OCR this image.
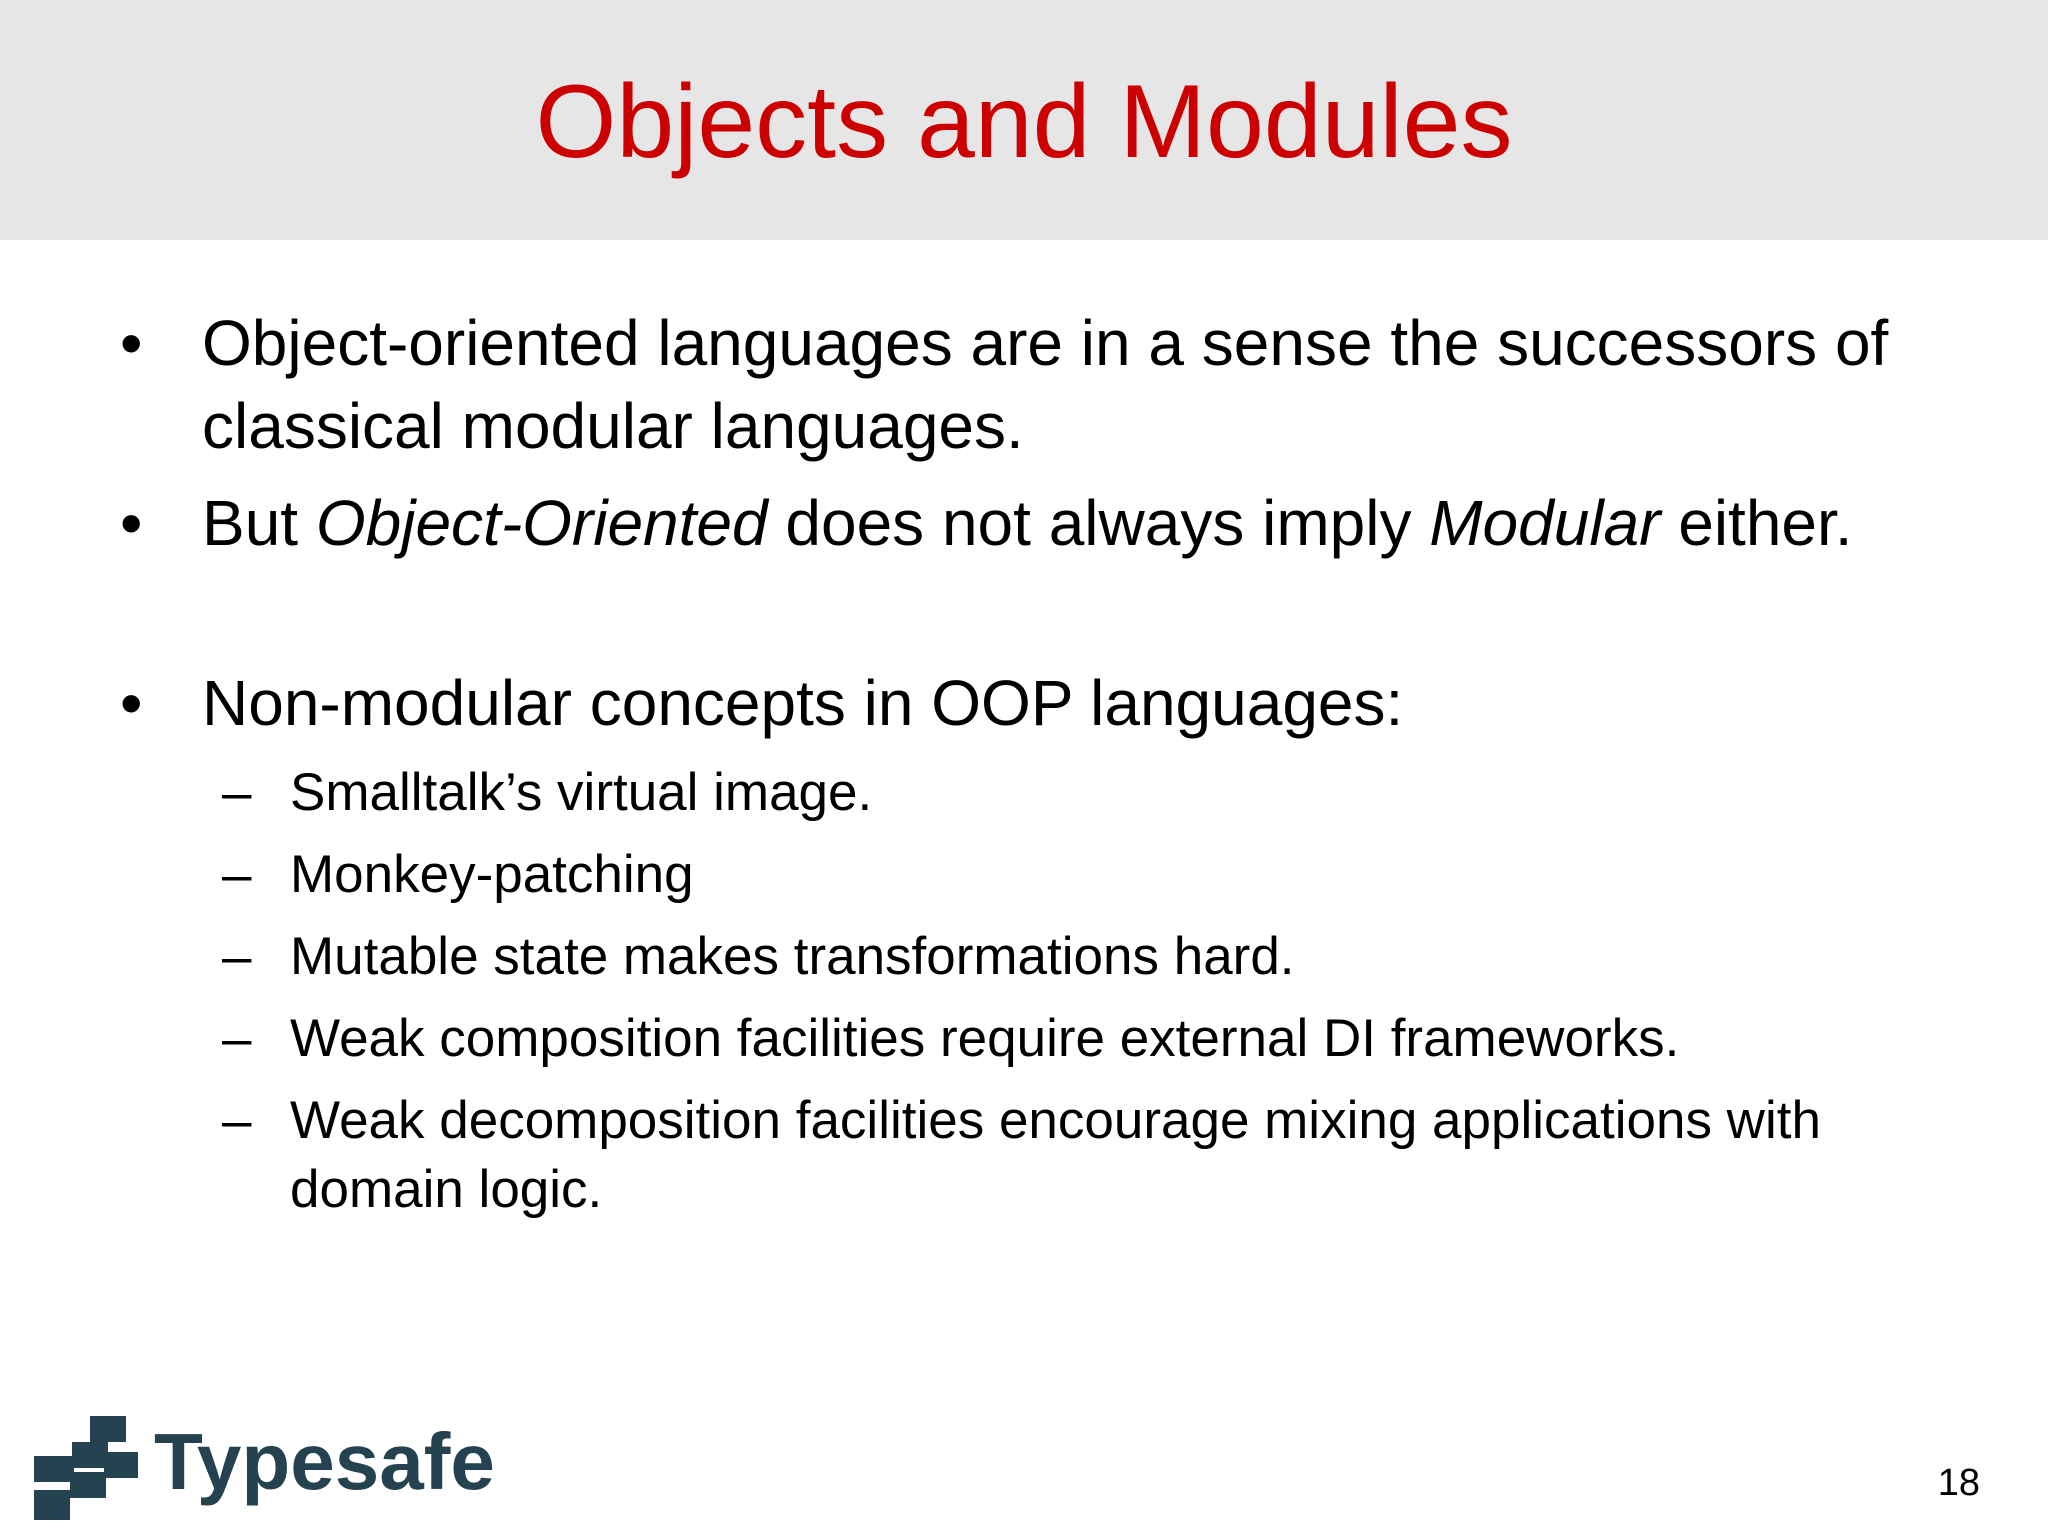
Objects and Modules
• Object-oriented languages are in a sense the successors of classical modular languages.
• But Object-Oriented does not always imply Modular either.
• Non-modular concepts in OOP languages:
– Smalltalk’s virtual image.
– Monkey-patching
– Mutable state makes transformations hard.
– Weak composition facilities require external DI frameworks.
– Weak decomposition facilities encourage mixing applications with domain logic.
Typesafe	18
